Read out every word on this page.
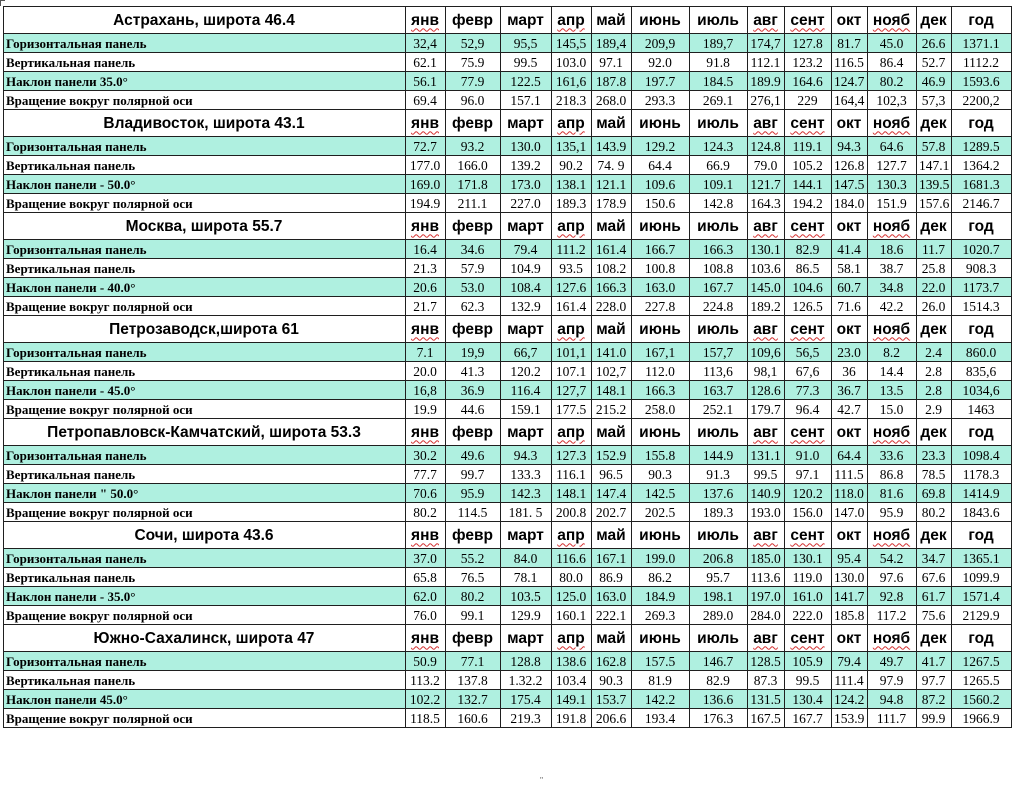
Астрахань, широта 46.4	янв	февр	март	апр	май	июнь	июль	авг	сент	окт	нояб	дек	год
Горизонтальная панель	32,4	52,9	95,5	145,5	189,4	209,9	189,7	174,7	127.8	81.7	45.0	26.6	1371.1
Вертикальная панель	62.1	75.9	99.5	103.0	97.1	92.0	91.8	112.1	123.2	116.5	86.4	52.7	1112.2
Наклон панели 35.0°	56.1	77.9	122.5	161,6	187.8	197.7	184.5	189.9	164.6	124.7	80.2	46.9	1593.6
Вращение вокруг полярной оси	69.4	96.0	157.1	218.3	268.0	293.3	269.1	276,1	229	164,4	102,3	57,3	2200,2
Владивосток, широта 43.1	янв	февр	март	апр	май	июнь	июль	авг	сент	окт	нояб	дек	год
Горизонтальная панель	72.7	93.2	130.0	135,1	143.9	129.2	124.3	124.8	119.1	94.3	64.6	57.8	1289.5
Вертикальная панель	177.0	166.0	139.2	90.2	74. 9	64.4	66.9	79.0	105.2	126.8	127.7	147.1	1364.2
Наклон панели - 50.0°	169.0	171.8	173.0	138.1	121.1	109.6	109.1	121.7	144.1	147.5	130.3	139.5	1681.3
Вращение вокруг полярной оси	194.9	211.1	227.0	189.3	178.9	150.6	142.8	164.3	194.2	184.0	151.9	157.6	2146.7
Москва, широта 55.7	янв	февр	март	апр	май	июнь	июль	авг	сент	окт	нояб	дек	год
Горизонтальная панель	16.4	34.6	79.4	111.2	161.4	166.7	166.3	130.1	82.9	41.4	18.6	11.7	1020.7
Вертикальная панель	21.3	57.9	104.9	93.5	108.2	100.8	108.8	103.6	86.5	58.1	38.7	25.8	908.3
Наклон панели - 40.0°	20.6	53.0	108.4	127.6	166.3	163.0	167.7	145.0	104.6	60.7	34.8	22.0	1173.7
Вращение вокруг полярной оси	21.7	62.3	132.9	161.4	228.0	227.8	224.8	189.2	126.5	71.6	42.2	26.0	1514.3
Петрозаводск,широта 61	янв	февр	март	апр	май	июнь	июль	авг	сент	окт	нояб	дек	год
Горизонтальная панель	7.1	19,9	66,7	101,1	141.0	167,1	157,7	109,6	56,5	23.0	8.2	2.4	860.0
Вертикальная панель	20.0	41.3	120.2	107.1	102,7	112.0	113,6	98,1	67,6	36	14.4	2.8	835,6
Наклон панели - 45.0°	16,8	36.9	116.4	127,7	148.1	166.3	163.7	128.6	77.3	36.7	13.5	2.8	1034,6
Вращение вокруг полярной оси	19.9	44.6	159.1	177.5	215.2	258.0	252.1	179.7	96.4	42.7	15.0	2.9	1463
Петропавловск-Камчатский, широта 53.3	янв	февр	март	апр	май	июнь	июль	авг	сент	окт	нояб	дек	год
Горизонтальная панель	30.2	49.6	94.3	127.3	152.9	155.8	144.9	131.1	91.0	64.4	33.6	23.3	1098.4
Вертикальная панель	77.7	99.7	133.3	116.1	96.5	90.3	91.3	99.5	97.1	111.5	86.8	78.5	1178.3
Наклон панели " 50.0°	70.6	95.9	142.3	148.1	147.4	142.5	137.6	140.9	120.2	118.0	81.6	69.8	1414.9
Вращение вокруг полярной оси	80.2	114.5	181. 5	200.8	202.7	202.5	189.3	193.0	156.0	147.0	95.9	80.2	1843.6
Сочи, широта 43.6	янв	февр	март	апр	май	июнь	июль	авг	сент	окт	нояб	дек	год
Горизонтальная панель	37.0	55.2	84.0	116.6	167.1	199.0	206.8	185.0	130.1	95.4	54.2	34.7	1365.1
Вертикальная панель	65.8	76.5	78.1	80.0	86.9	86.2	95.7	113.6	119.0	130.0	97.6	67.6	1099.9
Наклон панели - 35.0°	62.0	80.2	103.5	125.0	163.0	184.9	198.1	197.0	161.0	141.7	92.8	61.7	1571.4
Вращение вокруг полярной оси	76.0	99.1	129.9	160.1	222.1	269.3	289.0	284.0	222.0	185.8	117.2	75.6	2129.9
Южно-Сахалинск, широта 47	янв	февр	март	апр	май	июнь	июль	авг	сент	окт	нояб	дек	год
Горизонтальная панель	50.9	77.1	128.8	138.6	162.8	157.5	146.7	128.5	105.9	79.4	49.7	41.7	1267.5
Вертикальная панель	113.2	137.8	1.32.2	103.4	90.3	81.9	82.9	87.3	99.5	111.4	97.9	97.7	1265.5
Наклон панели 45.0°	102.2	132.7	175.4	149.1	153.7	142.2	136.6	131.5	130.4	124.2	94.8	87.2	1560.2
Вращение вокруг полярной оси	118.5	160.6	219.3	191.8	206.6	193.4	176.3	167.5	167.7	153.9	111.7	99.9	1966.9
''
